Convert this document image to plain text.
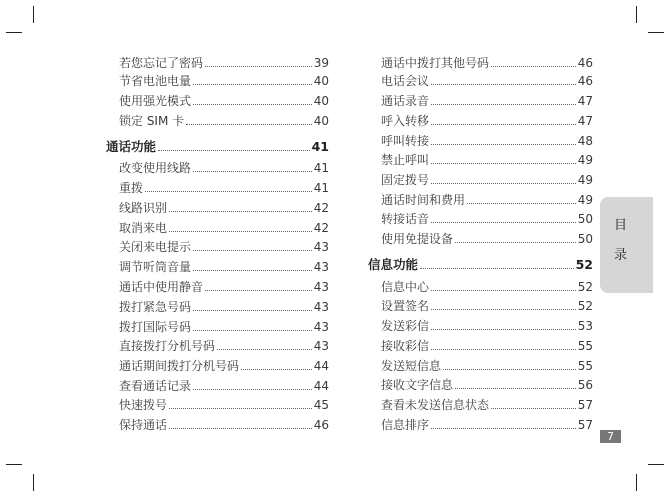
若您忘记了密码	39
节省电池电量	40
使用强光模式	40
锁定 SIM 卡	40
通话功能	41
改变使用线路	41
重拨	41
线路识别	42
取消来电	42
关闭来电提示	43
调节听筒音量	43
通话中使用静音	43
拨打紧急号码	43
拨打国际号码	43
直接拨打分机号码	43
通话期间拨打分机号码	44
查看通话记录	44
快速拨号	45
保持通话	46
通话中拨打其他号码	46
电话会议	46
通话录音	47
呼入转移	47
呼叫转接	48
禁止呼叫	49
固定拨号	49
通话时间和费用	49
转接话音	50
使用免提设备	50
信息功能	52
信息中心	52
设置签名	52
发送彩信	53
接收彩信	55
发送短信息	55
接收文字信息	56
查看未发送信息状态	57
信息排序	57
目
录
7
